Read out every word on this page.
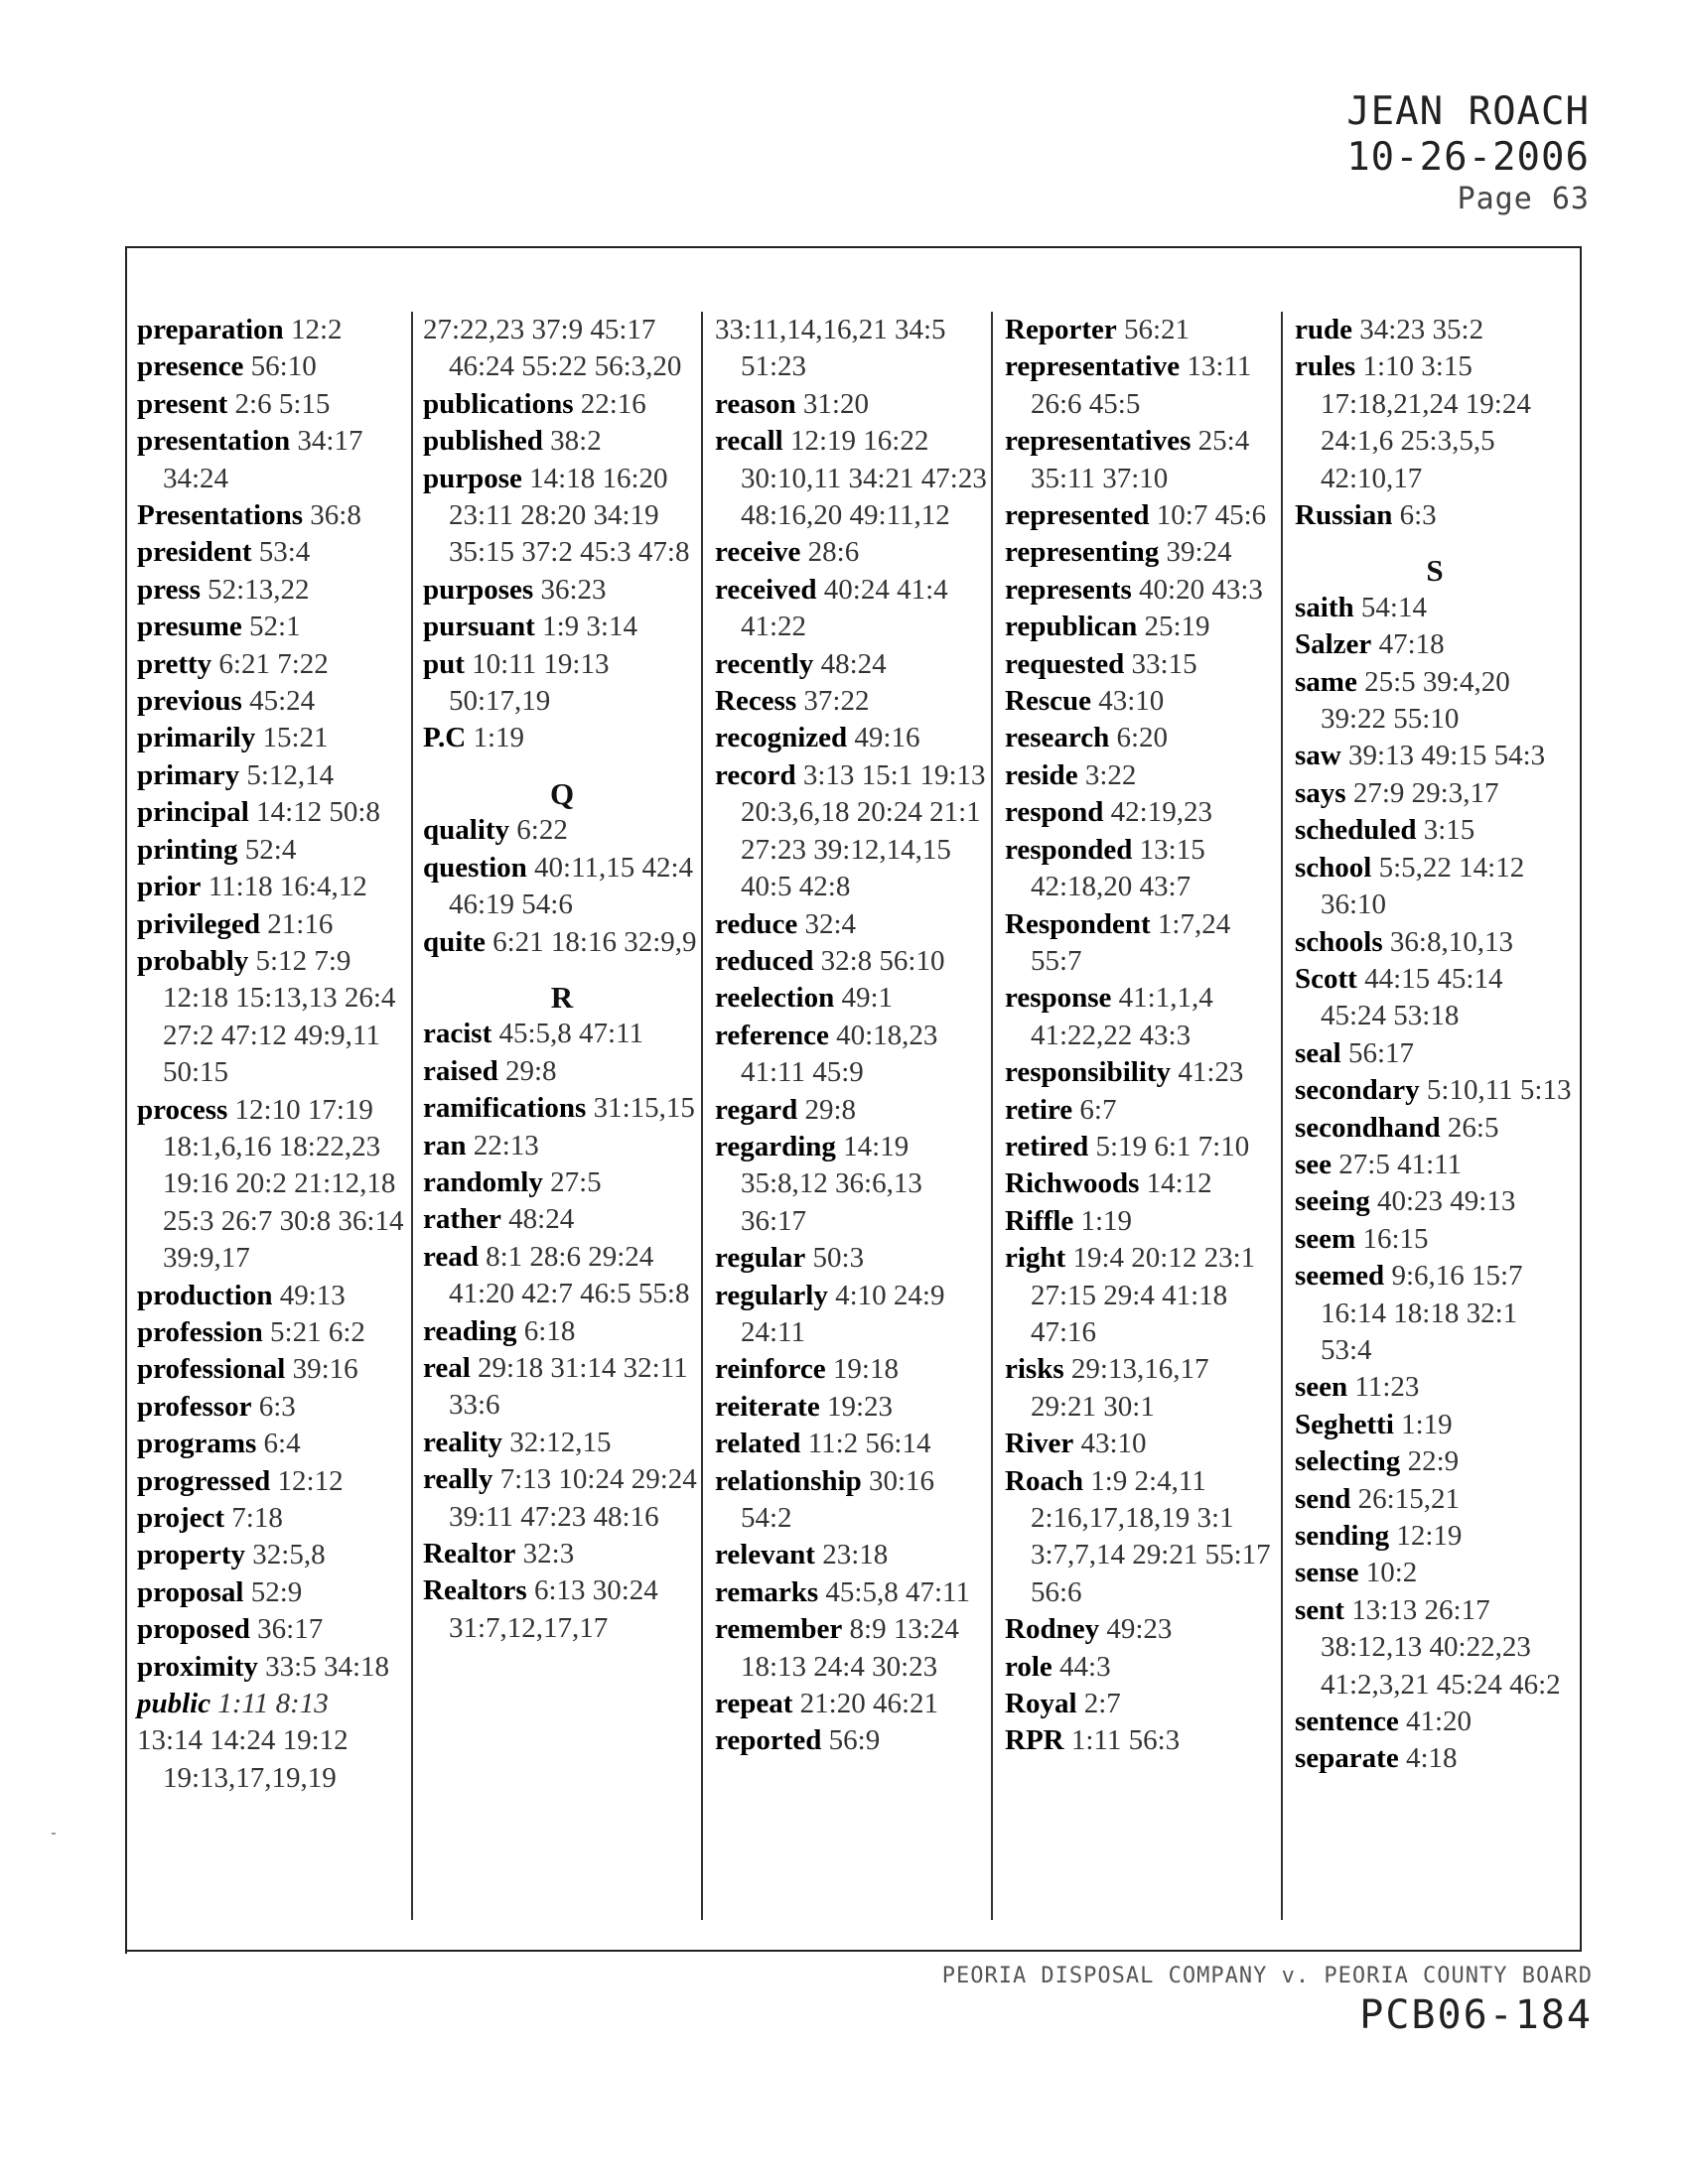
JEAN ROACH
10-26-2006
Page 63
preparation 12:2
presence 56:10
present 2:6 5:15
presentation 34:17 34:24
Presentations 36:8
president 53:4
press 52:13,22
presume 52:1
pretty 6:21 7:22
previous 45:24
primarily 15:21
primary 5:12,14
principal 14:12 50:8
printing 52:4
prior 11:18 16:4,12
privileged 21:16
probably 5:12 7:9 12:18 15:13,13 26:4 27:2 47:12 49:9,11 50:15
process 12:10 17:19 18:1,6,16 18:22,23 19:16 20:2 21:12,18 25:3 26:7 30:8 36:14 39:9,17
production 49:13
profession 5:21 6:2
professional 39:16
professor 6:3
programs 6:4
progressed 12:12
project 7:18
property 32:5,8
proposal 52:9
proposed 36:17
proximity 33:5 34:18
public 1:11 8:13
13:14 14:24 19:12 19:13,17,19,19
27:22,23 37:9 45:17 46:24 55:22 56:3,20
publications 22:16
published 38:2
purpose 14:18 16:20 23:11 28:20 34:19 35:15 37:2 45:3 47:8
purposes 36:23
pursuant 1:9 3:14
put 10:11 19:13 50:17,19
P.C 1:19
Q
quality 6:22
question 40:11,15 42:4 46:19 54:6
quite 6:21 18:16 32:9,9
R
racist 45:5,8 47:11
raised 29:8
ramifications 31:15,15
ran 22:13
randomly 27:5
rather 48:24
read 8:1 28:6 29:24 41:20 42:7 46:5 55:8
reading 6:18
real 29:18 31:14 32:11 33:6
reality 32:12,15
really 7:13 10:24 29:24 39:11 47:23 48:16
Realtor 32:3
Realtors 6:13 30:24 31:7,12,17,17
33:11,14,16,21 34:5 51:23
reason 31:20
recall 12:19 16:22 30:10,11 34:21 47:23 48:16,20 49:11,12
receive 28:6
received 40:24 41:4 41:22
recently 48:24
Recess 37:22
recognized 49:16
record 3:13 15:1 19:13 20:3,6,18 20:24 21:1 27:23 39:12,14,15 40:5 42:8
reduce 32:4
reduced 32:8 56:10
reelection 49:1
reference 40:18,23 41:11 45:9
regard 29:8
regarding 14:19 35:8,12 36:6,13 36:17
regular 50:3
regularly 4:10 24:9 24:11
reinforce 19:18
reiterate 19:23
related 11:2 56:14
relationship 30:16 54:2
relevant 23:18
remarks 45:5,8 47:11
remember 8:9 13:24 18:13 24:4 30:23
repeat 21:20 46:21
reported 56:9
Reporter 56:21
representative 13:11 26:6 45:5
representatives 25:4 35:11 37:10
represented 10:7 45:6
representing 39:24
represents 40:20 43:3
republican 25:19
requested 33:15
Rescue 43:10
research 6:20
reside 3:22
respond 42:19,23
responded 13:15 42:18,20 43:7
Respondent 1:7,24 55:7
response 41:1,1,4 41:22,22 43:3
responsibility 41:23
retire 6:7
retired 5:19 6:1 7:10
Richwoods 14:12
Riffle 1:19
right 19:4 20:12 23:1 27:15 29:4 41:18 47:16
risks 29:13,16,17 29:21 30:1
River 43:10
Roach 1:9 2:4,11 2:16,17,18,19 3:1 3:7,7,14 29:21 55:17 56:6
Rodney 49:23
role 44:3
Royal 2:7
RPR 1:11 56:3
rude 34:23 35:2
rules 1:10 3:15 17:18,21,24 19:24 24:1,6 25:3,5,5 42:10,17
Russian 6:3
S
saith 54:14
Salzer 47:18
same 25:5 39:4,20 39:22 55:10
saw 39:13 49:15 54:3
says 27:9 29:3,17
scheduled 3:15
school 5:5,22 14:12 36:10
schools 36:8,10,13
Scott 44:15 45:14 45:24 53:18
seal 56:17
secondary 5:10,11 5:13
secondhand 26:5
see 27:5 41:11
seeing 40:23 49:13
seem 16:15
seemed 9:6,16 15:7 16:14 18:18 32:1 53:4
seen 11:23
Seghetti 1:19
selecting 22:9
send 26:15,21
sending 12:19
sense 10:2
sent 13:13 26:17 38:12,13 40:22,23 41:2,3,21 45:24 46:2
sentence 41:20
separate 4:18
PEORIA DISPOSAL COMPANY v. PEORIA COUNTY BOARD
PCB06-184
